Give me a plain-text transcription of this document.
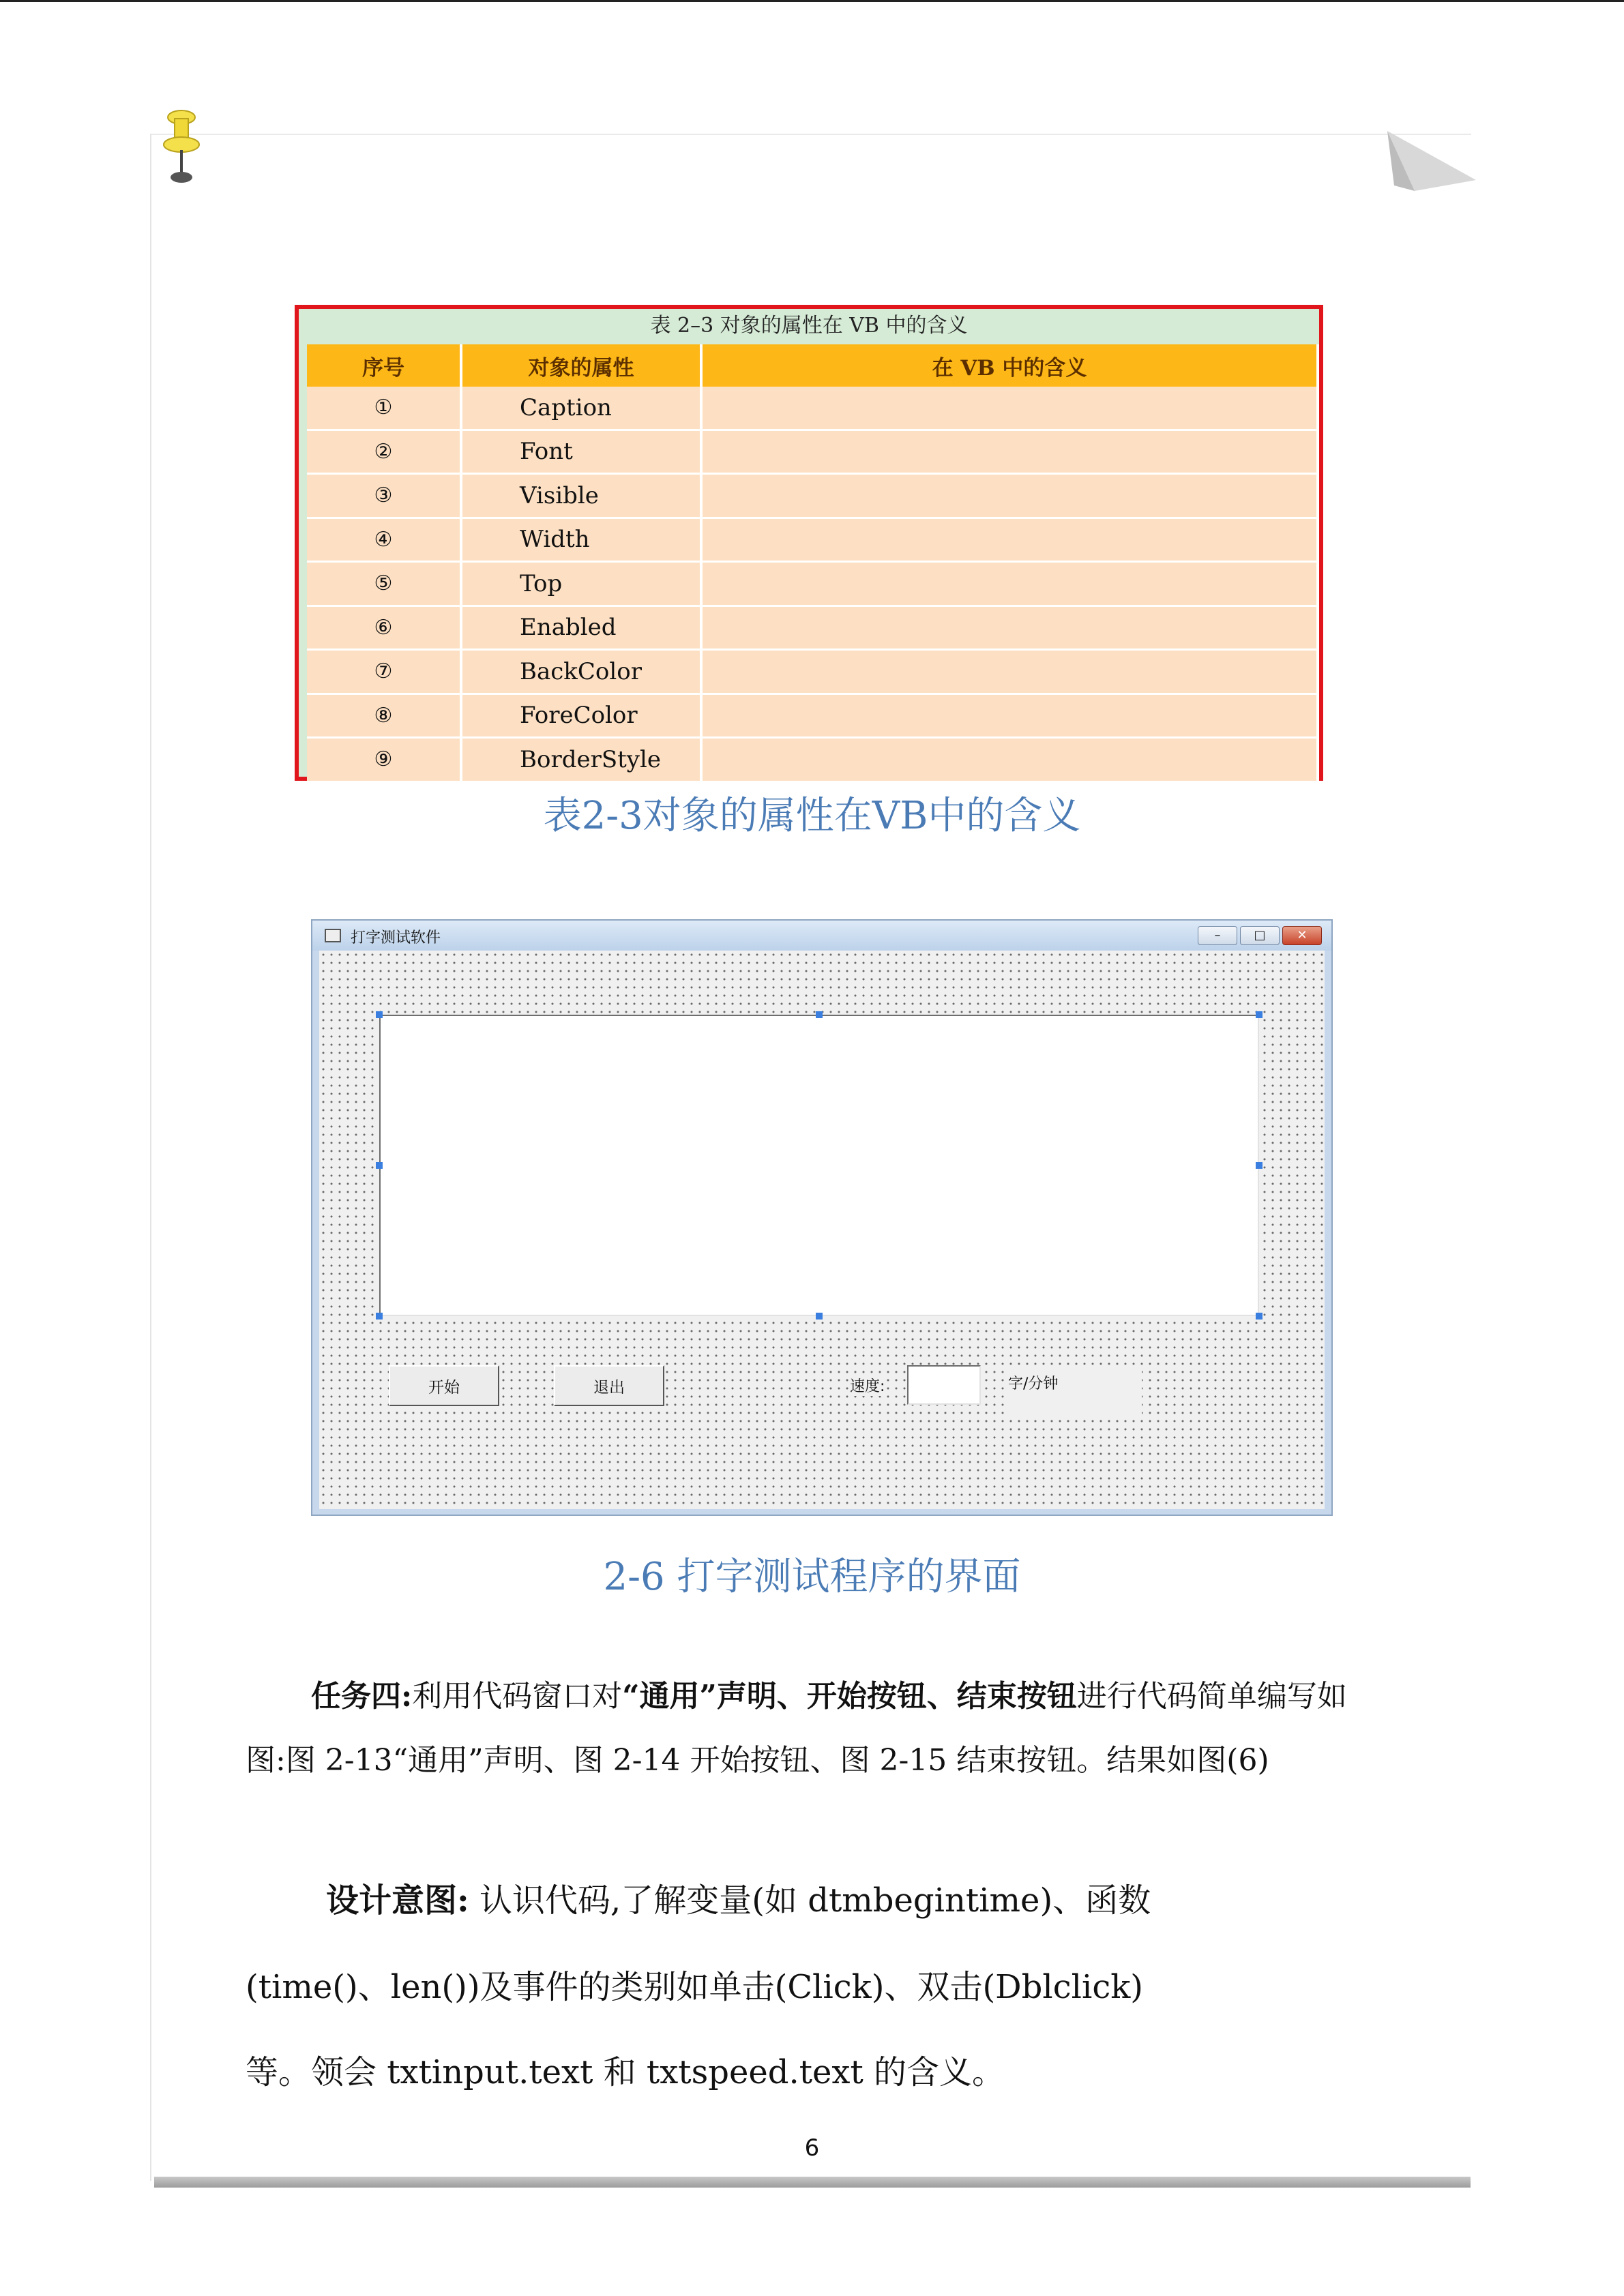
表 2–3 对象的属性在 VB 中的含义
序号	对象的属性	在 VB 中的含义
①	Caption	
②	Font	
③	Visible	
④	Width	
⑤	Top	
⑥	Enabled	
⑦	BackColor	
⑧	ForeColor	
⑨	BorderStyle	
表2-3对象的属性在VB中的含义
打字测试软件	–	□	✕
开始	退出	速度:	字/分钟
2-6 打字测试程序的界面
任务四:利用代码窗口对“通用”声明、开始按钮、结束按钮进行代码简单编写如图:图 2-13“通用”声明、图 2-14 开始按钮、图 2-15 结束按钮。结果如图(6)
设计意图: 认识代码,了解变量(如 dtmbegintime)、函数
(time()、len())及事件的类别如单击(Click)、双击(Dblclick)
等。领会 txtinput.text 和 txtspeed.text 的含义。
6
